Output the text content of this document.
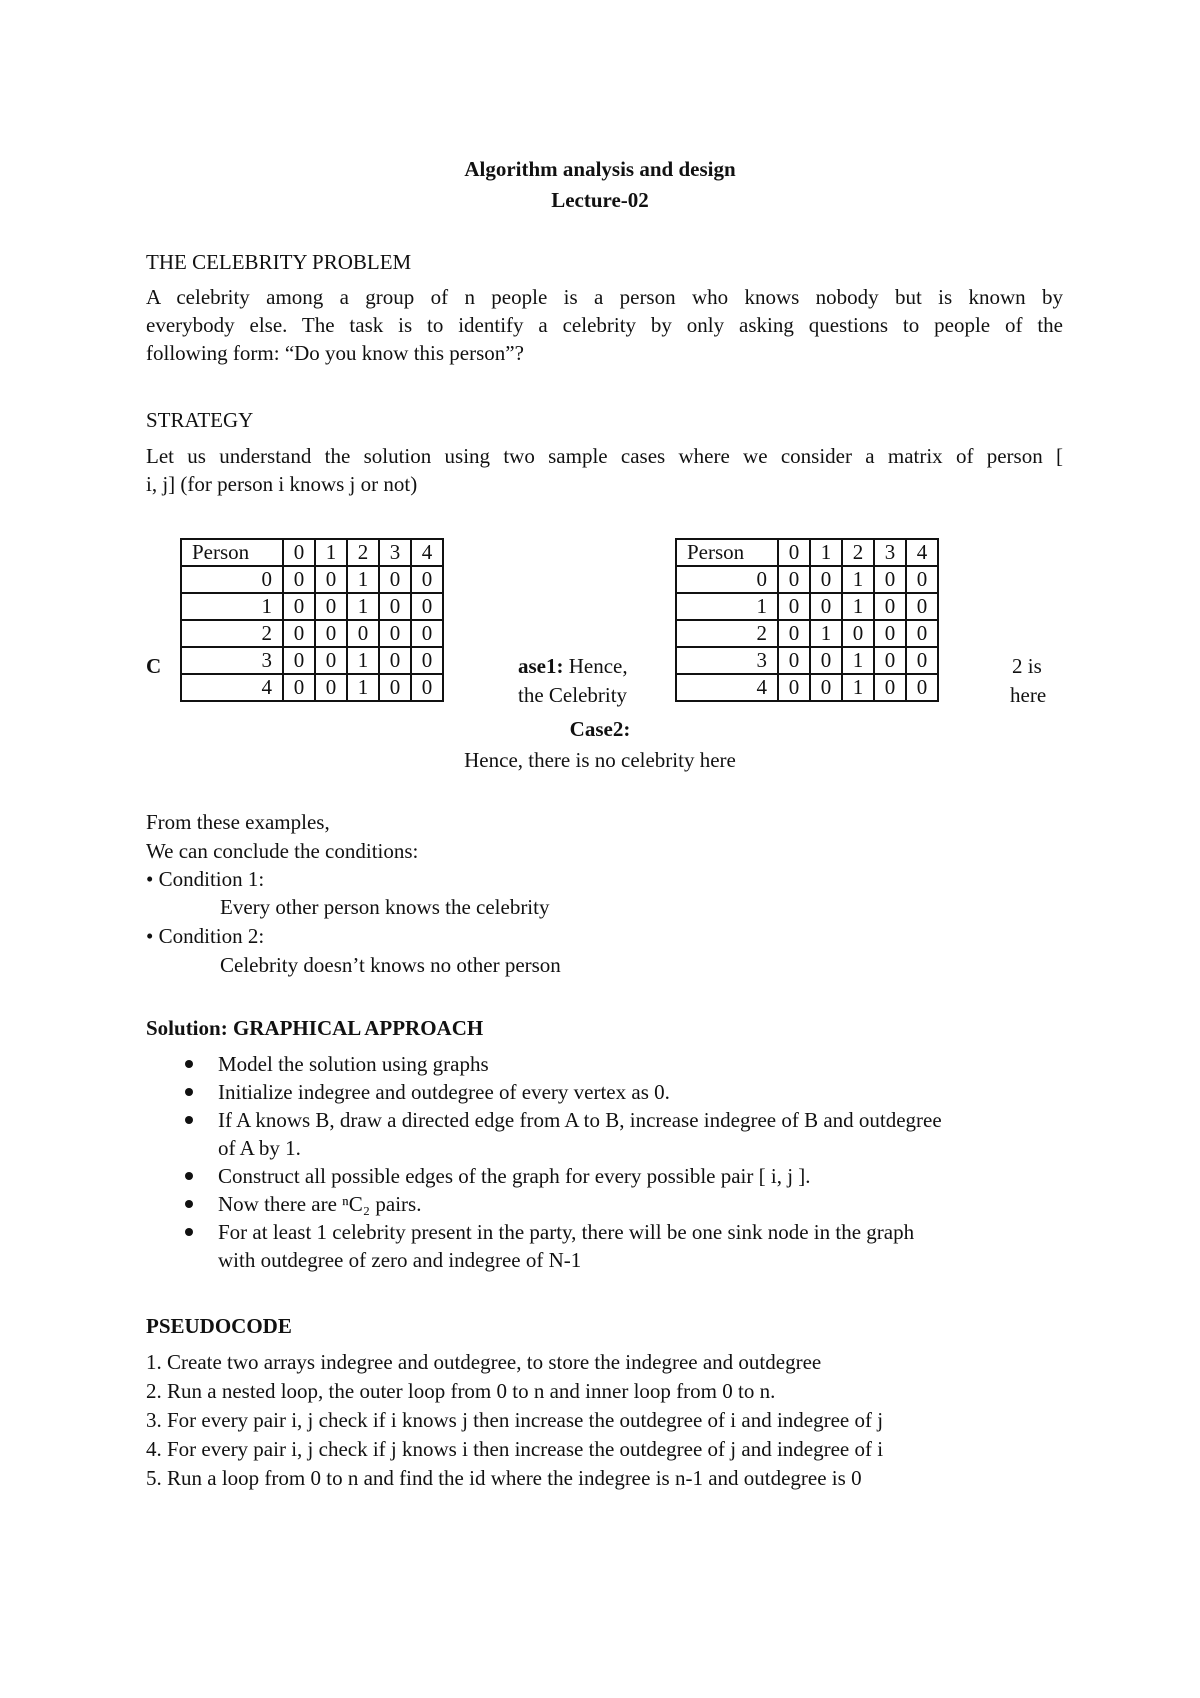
Algorithm analysis and design
Lecture-02
THE CELEBRITY PROBLEM
A celebrity among a group of n people is a person who knows nobody but is known by
everybody else. The task is to identify a celebrity by only asking questions to people of the
following form: “Do you know this person”?
STRATEGY
Let us understand the solution using two sample cases where we consider a matrix of person [
i, j] (for person i knows j or not)
Person	0	1	2	3	4
0	0	0	1	0	0
1	0	0	1	0	0
2	0	0	0	0	0
3	0	0	1	0	0
4	0	0	1	0	0
Person	0	1	2	3	4
0	0	0	1	0	0
1	0	0	1	0	0
2	0	1	0	0	0
3	0	0	1	0	0
4	0	0	1	0	0
C	ase1: Hence,
the Celebrity
2 is
here
Case2:
Hence, there is no celebrity here
From these examples,
We can conclude the conditions:
• Condition 1:
Every other person knows the celebrity
• Condition 2:
Celebrity doesn’t knows no other person
Solution: GRAPHICAL APPROACH
Model the solution using graphs
Initialize indegree and outdegree of every vertex as 0.
If A knows B, draw a directed edge from A to B, increase indegree of B and outdegree
of A by 1.
Construct all possible edges of the graph for every possible pair [ i, j ].
Now there are ⁿC₂ pairs.
For at least 1 celebrity present in the party, there will be one sink node in the graph
with outdegree of zero and indegree of N-1
PSEUDOCODE
1. Create two arrays indegree and outdegree, to store the indegree and outdegree
2. Run a nested loop, the outer loop from 0 to n and inner loop from 0 to n.
3. For every pair i, j check if i knows j then increase the outdegree of i and indegree of j
4. For every pair i, j check if j knows i then increase the outdegree of j and indegree of i
5. Run a loop from 0 to n and find the id where the indegree is n-1 and outdegree is 0
